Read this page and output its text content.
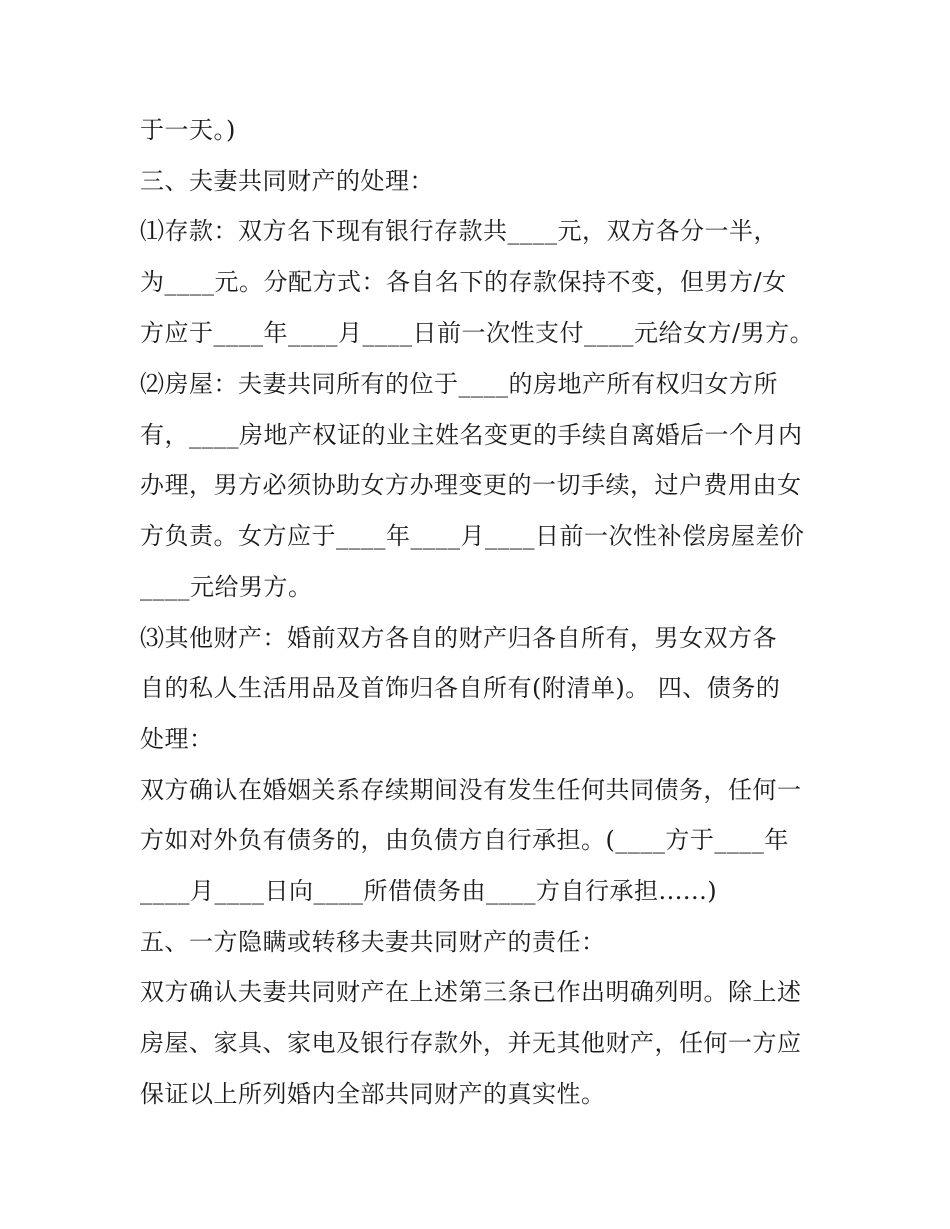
于一天。)
三、夫妻共同财产的处理：
⑴存款：双方名下现有银行存款共____元，双方各分一半，
为____元。分配方式：各自名下的存款保持不变，但男方/女
方应于____年____月____日前一次性支付____元给女方/男方。
⑵房屋：夫妻共同所有的位于____的房地产所有权归女方所
有，____房地产权证的业主姓名变更的手续自离婚后一个月内
办理，男方必须协助女方办理变更的一切手续，过户费用由女
方负责。女方应于____年____月____日前一次性补偿房屋差价
____元给男方。
⑶其他财产：婚前双方各自的财产归各自所有，男女双方各
自的私人生活用品及首饰归各自所有(附清单)。 四、债务的
处理：
双方确认在婚姻关系存续期间没有发生任何共同债务，任何一
方如对外负有债务的，由负债方自行承担。(____方于____年
____月____日向____所借债务由____方自行承担......)
五、一方隐瞒或转移夫妻共同财产的责任：
双方确认夫妻共同财产在上述第三条已作出明确列明。除上述
房屋、家具、家电及银行存款外，并无其他财产，任何一方应
保证以上所列婚内全部共同财产的真实性。
